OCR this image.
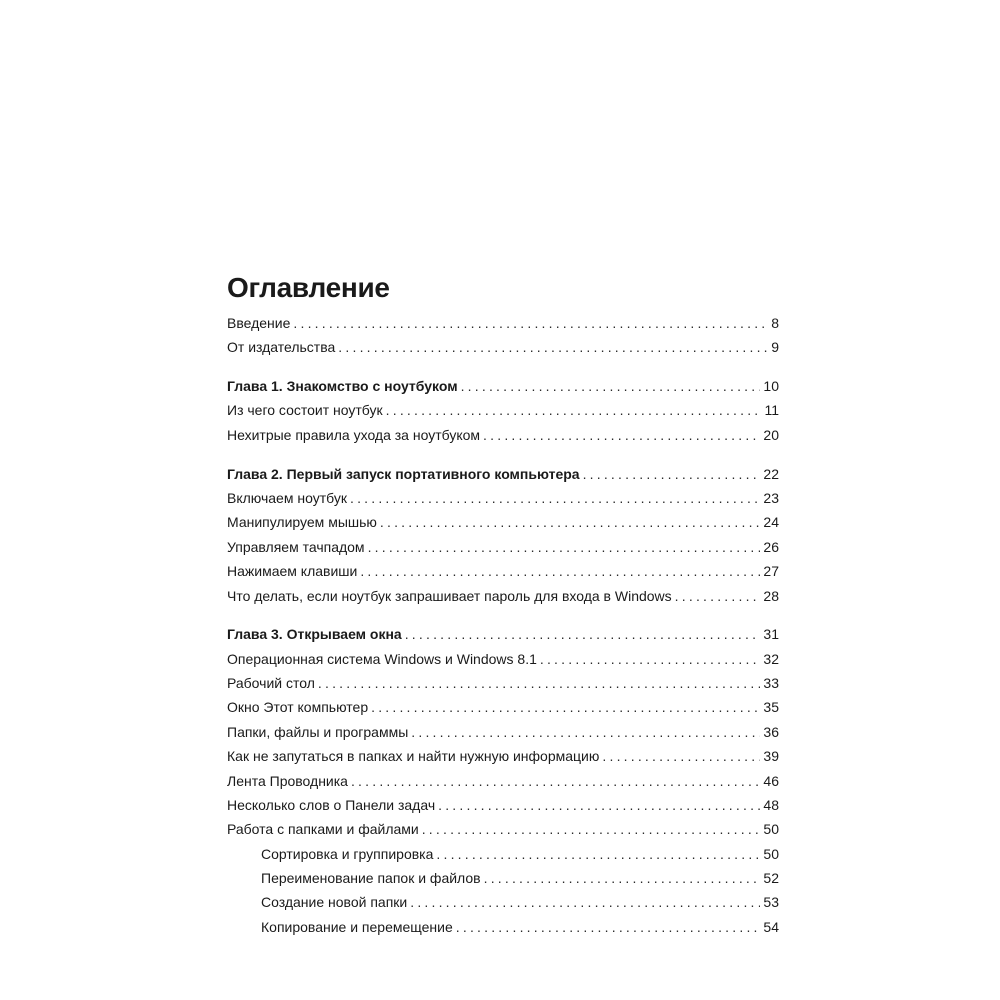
Оглавление
Введение .....	8
От издательства .....	9
Глава 1. Знакомство с ноутбуком .....	10
Из чего состоит ноутбук .....	11
Нехитрые правила ухода за ноутбуком .....	20
Глава 2. Первый запуск портативного компьютера .....	22
Включаем ноутбук .....	23
Манипулируем мышью .....	24
Управляем тачпадом .....	26
Нажимаем клавиши .....	27
Что делать, если ноутбук запрашивает пароль для входа в Windows .....	28
Глава 3. Открываем окна .....	31
Операционная система Windows и Windows 8.1 .....	32
Рабочий стол .....	33
Окно Этот компьютер .....	35
Папки, файлы и программы .....	36
Как не запутаться в папках и найти нужную информацию .....	39
Лента Проводника .....	46
Несколько слов о Панели задач .....	48
Работа с папками и файлами .....	50
Сортировка и группировка .....	50
Переименование папок и файлов .....	52
Создание новой папки .....	53
Копирование и перемещение .....	54
